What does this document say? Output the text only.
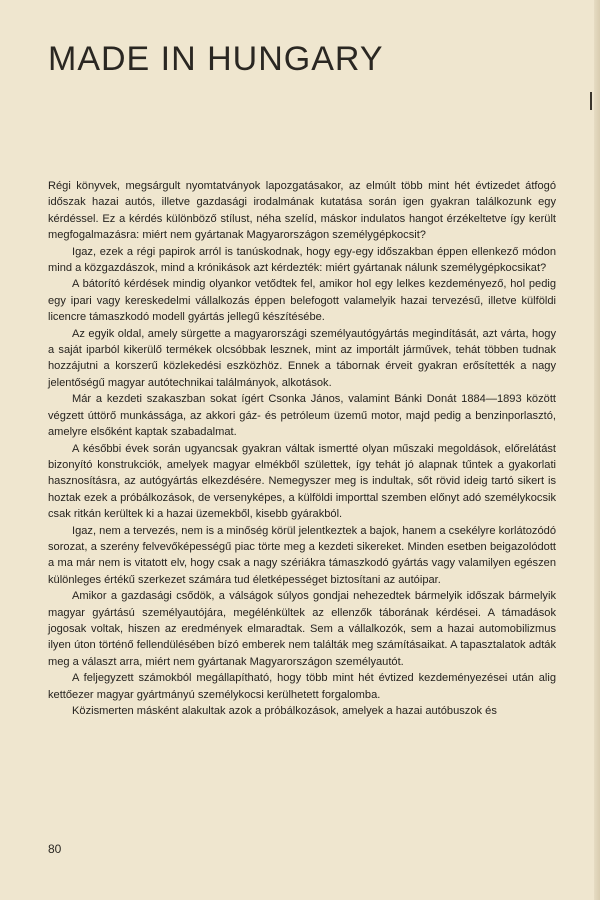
MADE IN HUNGARY

Régi könyvek, megsárgult nyomtatványok lapozgatásakor, az elmúlt több mint hét évtizedet átfogó időszak hazai autós, illetve gazdasági irodalmának kutatása során igen gyakran találkozunk egy kérdéssel. Ez a kérdés különböző stílust, néha szelíd, máskor indulatos hangot érzékeltetve így került megfogalmazásra: miért nem gyártanak Magyarországon személygépkocsit?

Igaz, ezek a régi papirok arról is tanúskodnak, hogy egy-egy időszakban éppen ellenkező módon mind a közgazdászok, mind a krónikások azt kérdezték: miért gyártanak nálunk személygépkocsikat?

A bátorító kérdések mindig olyankor vetődtek fel, amikor hol egy lelkes kezdeményező, hol pedig egy ipari vagy kereskedelmi vállalkozás éppen belefogott valamelyik hazai tervezésű, illetve külföldi licencre támaszkodó modell gyártás jellegű készítésébe.

Az egyik oldal, amely sürgette a magyarországi személyautógyártás megindítását, azt várta, hogy a saját iparból kikerülő termékek olcsóbbak lesznek, mint az importált járművek, tehát többen tudnak hozzájutni a korszerű közlekedési eszközhöz. Ennek a tábornak érveit gyakran erősítették a nagy jelentőségű magyar autótechnikai találmányok, alkotások.

Már a kezdeti szakaszban sokat ígért Csonka János, valamint Bánki Donát 1884—1893 között végzett úttörő munkássága, az akkori gáz- és petróleum üzemű motor, majd pedig a benzinporlasztó, amelyre elsőként kaptak szabadalmat.

A későbbi évek során ugyancsak gyakran váltak ismertté olyan műszaki megoldások, előrelátást bizonyító konstrukciók, amelyek magyar elmékből születtek, így tehát jó alapnak tűntek a gyakorlati hasznosításra, az autógyártás elkezdésére. Nemegyszer meg is indultak, sőt rövid ideig tartó sikert is hoztak ezek a próbálkozások, de versenyképes, a külföldi importtal szemben előnyt adó személykocsik csak ritkán kerültek ki a hazai üzemekből, kisebb gyárakból.

Igaz, nem a tervezés, nem is a minőség körül jelentkeztek a bajok, hanem a csekélyre korlátozódó sorozat, a szerény felvevőképességű piac törte meg a kezdeti sikereket. Minden esetben beigazolódott a ma már nem is vitatott elv, hogy csak a nagy szériákra támaszkodó gyártás vagy valamilyen egészen különleges értékű szerkezet számára tud életképességet biztosítani az autóipar.

Amikor a gazdasági csődök, a válságok súlyos gondjai nehezedtek bármelyik időszak bármelyik magyar gyártású személyautójára, megélénkültek az ellenzők táborának kérdései. A támadások jogosak voltak, hiszen az eredmények elmaradtak. Sem a vállalkozók, sem a hazai automobilizmus ilyen úton történő fellendülésében bízó emberek nem találták meg számításaikat. A tapasztalatok adták meg a választ arra, miért nem gyártanak Magyarországon személyautót.

A feljegyzett számokból megállapítható, hogy több mint hét évtized kezdeményezései után alig kettőezer magyar gyártmányú személykocsi kerülhetett forgalomba.

Közismerten másként alakultak azok a próbálkozások, amelyek a hazai autóbuszok és

80
